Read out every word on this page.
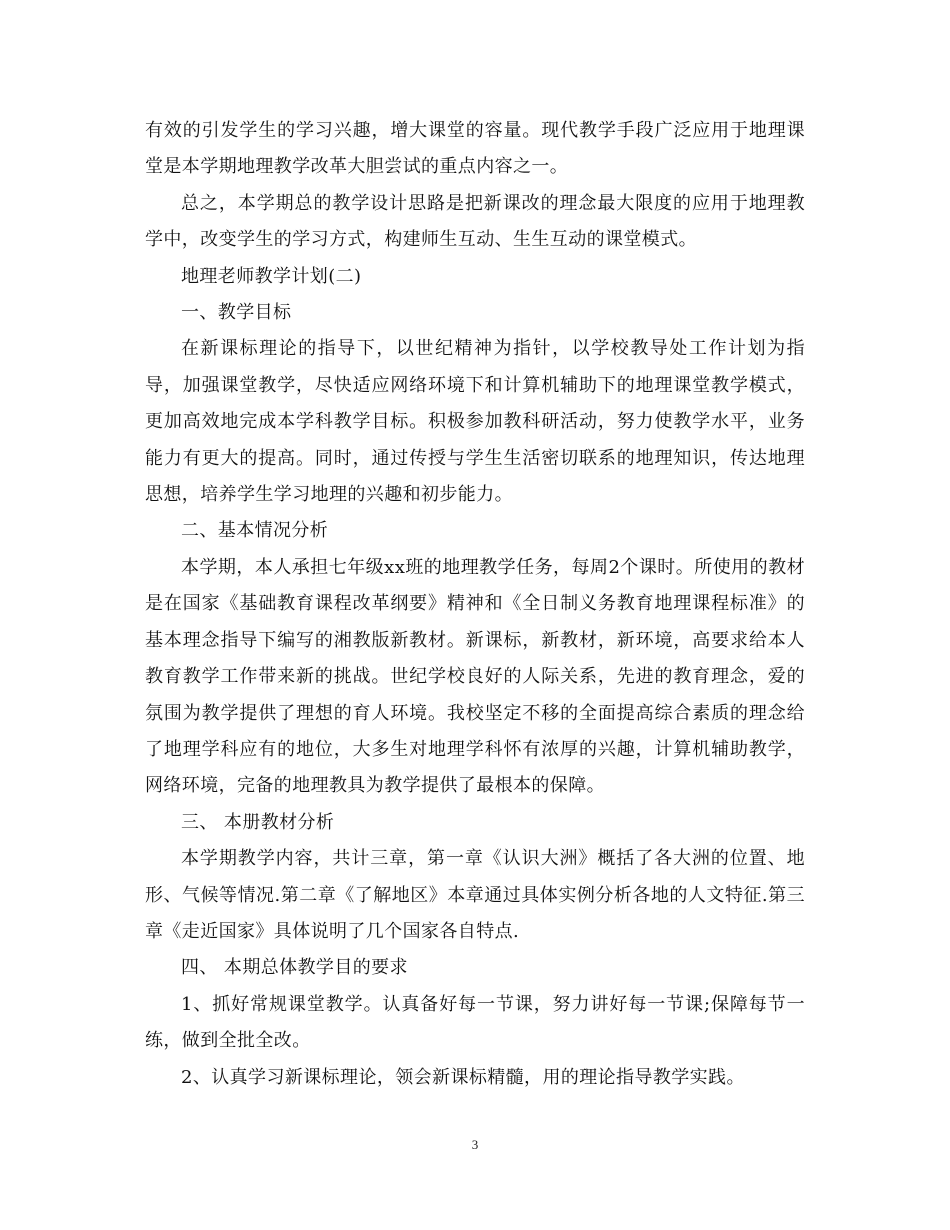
有效的引发学生的学习兴趣，增大课堂的容量。现代教学手段广泛应用于地理课堂是本学期地理教学改革大胆尝试的重点内容之一。

总之，本学期总的教学设计思路是把新课改的理念最大限度的应用于地理教学中，改变学生的学习方式，构建师生互动、生生互动的课堂模式。

地理老师教学计划(二)

一、教学目标

在新课标理论的指导下，以世纪精神为指针，以学校教导处工作计划为指导，加强课堂教学，尽快适应网络环境下和计算机辅助下的地理课堂教学模式，更加高效地完成本学科教学目标。积极参加教科研活动，努力使教学水平，业务能力有更大的提高。同时，通过传授与学生生活密切联系的地理知识，传达地理思想，培养学生学习地理的兴趣和初步能力。

二、基本情况分析

本学期，本人承担七年级xx班的地理教学任务，每周2个课时。所使用的教材是在国家《基础教育课程改革纲要》精神和《全日制义务教育地理课程标准》的基本理念指导下编写的湘教版新教材。新课标，新教材，新环境，高要求给本人教育教学工作带来新的挑战。世纪学校良好的人际关系，先进的教育理念，爱的氛围为教学提供了理想的育人环境。我校坚定不移的全面提高综合素质的理念给了地理学科应有的地位，大多生对地理学科怀有浓厚的兴趣，计算机辅助教学，网络环境，完备的地理教具为教学提供了最根本的保障。

三、 本册教材分析

本学期教学内容，共计三章，第一章《认识大洲》概括了各大洲的位置、地形、气候等情况.第二章《了解地区》本章通过具体实例分析各地的人文特征.第三章《走近国家》具体说明了几个国家各自特点.

四、 本期总体教学目的要求

1、抓好常规课堂教学。认真备好每一节课，努力讲好每一节课;保障每节一练，做到全批全改。

2、认真学习新课标理论，领会新课标精髓，用的理论指导教学实践。

3
